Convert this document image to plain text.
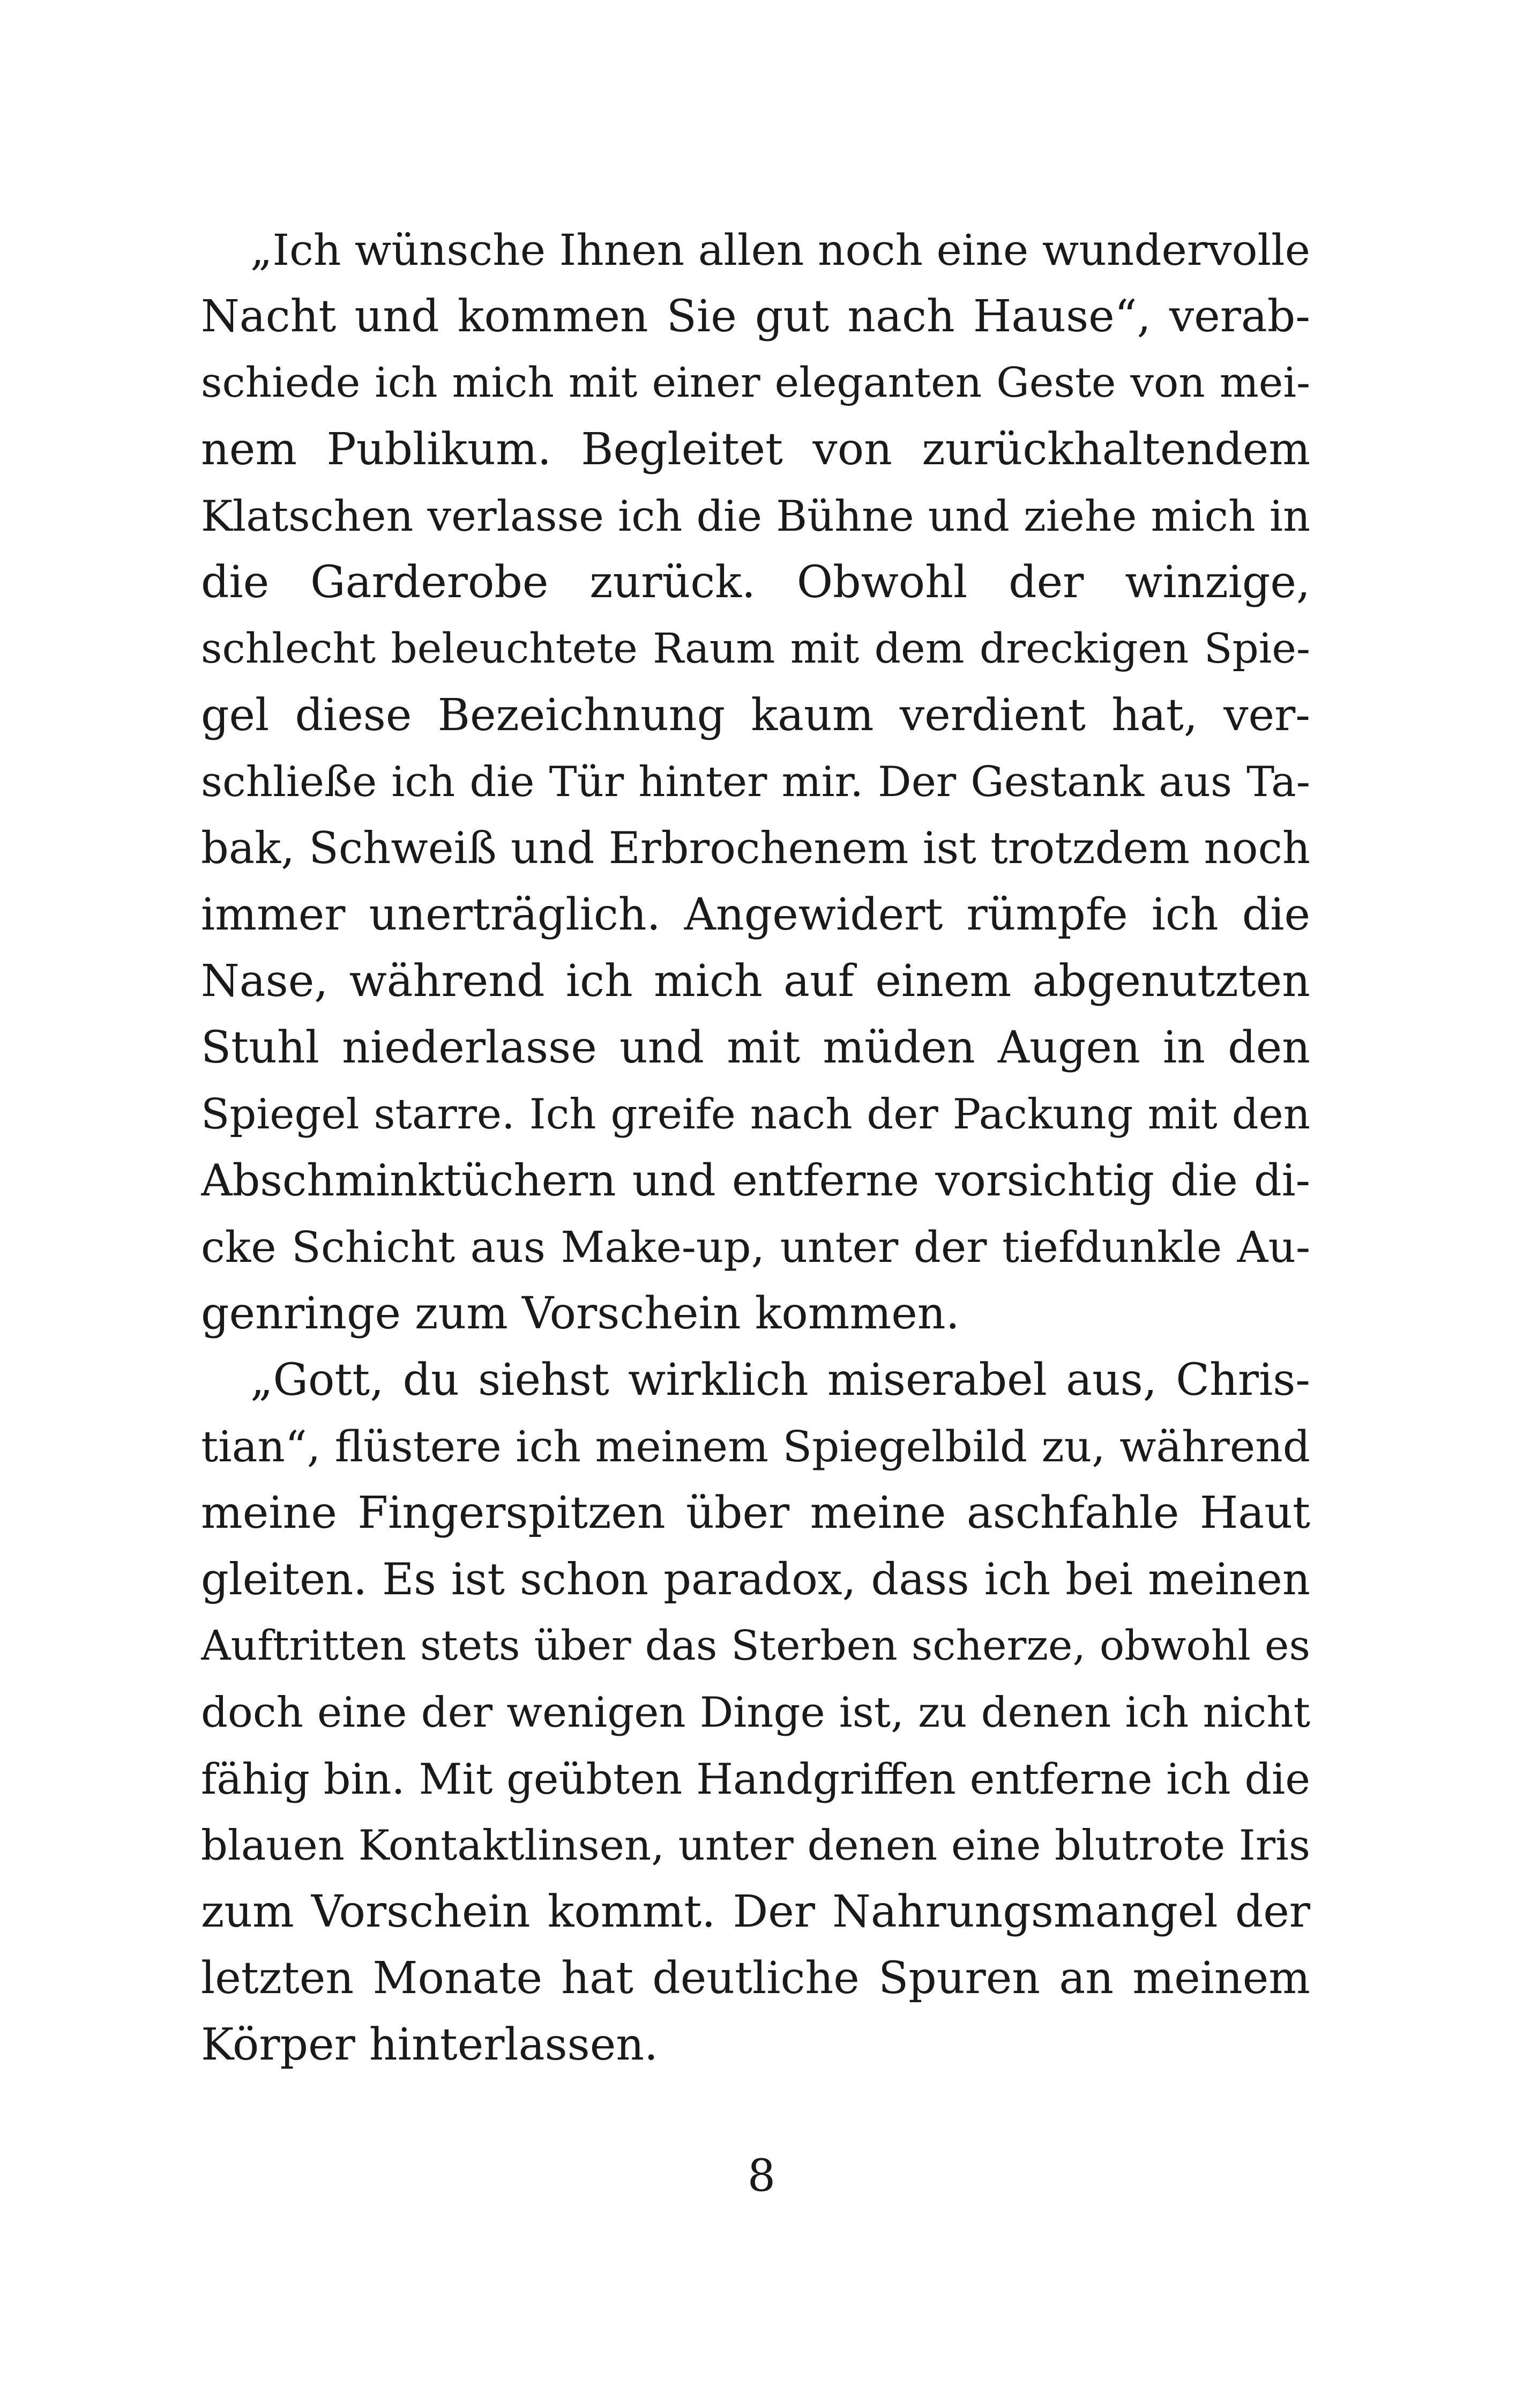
„Ich wünsche Ihnen allen noch eine wundervolle
Nacht und kommen Sie gut nach Hause“, verab-
schiede ich mich mit einer eleganten Geste von mei-
nem Publikum. Begleitet von zurückhaltendem
Klatschen verlasse ich die Bühne und ziehe mich in
die Garderobe zurück. Obwohl der winzige,
schlecht beleuchtete Raum mit dem dreckigen Spie-
gel diese Bezeichnung kaum verdient hat, ver-
schließe ich die Tür hinter mir. Der Gestank aus Ta-
bak, Schweiß und Erbrochenem ist trotzdem noch
immer unerträglich. Angewidert rümpfe ich die
Nase, während ich mich auf einem abgenutzten
Stuhl niederlasse und mit müden Augen in den
Spiegel starre. Ich greife nach der Packung mit den
Abschminktüchern und entferne vorsichtig die di-
cke Schicht aus Make-up, unter der tiefdunkle Au-
genringe zum Vorschein kommen.
„Gott, du siehst wirklich miserabel aus, Chris-
tian“, flüstere ich meinem Spiegelbild zu, während
meine Fingerspitzen über meine aschfahle Haut
gleiten. Es ist schon paradox, dass ich bei meinen
Auftritten stets über das Sterben scherze, obwohl es
doch eine der wenigen Dinge ist, zu denen ich nicht
fähig bin. Mit geübten Handgriffen entferne ich die
blauen Kontaktlinsen, unter denen eine blutrote Iris
zum Vorschein kommt. Der Nahrungsmangel der
letzten Monate hat deutliche Spuren an meinem
Körper hinterlassen.
8
